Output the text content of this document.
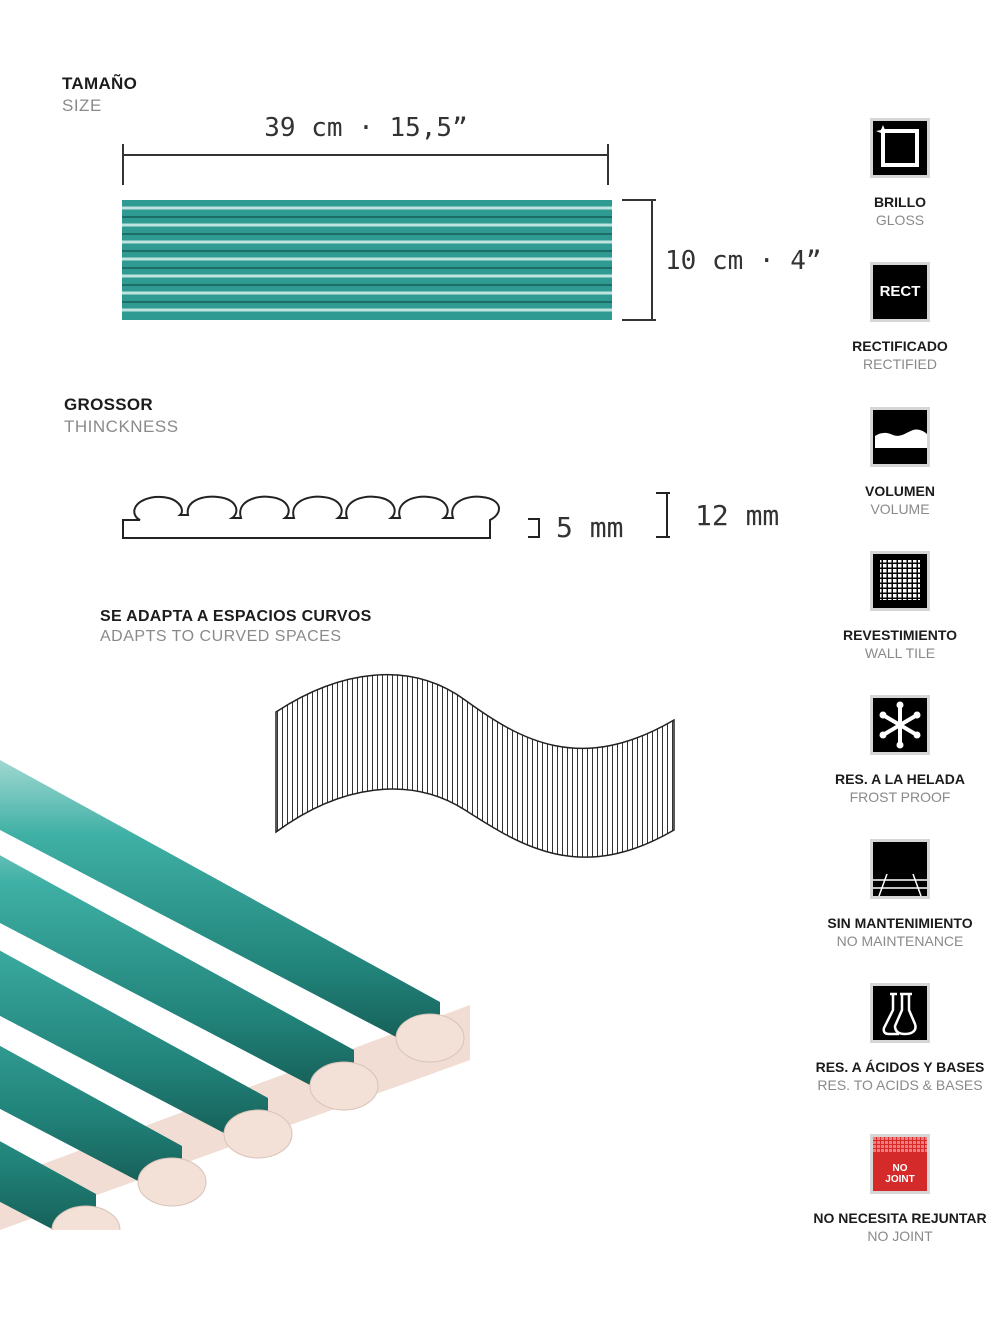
TAMAÑO
SIZE
39 cm · 15,5”
10 cm · 4”
GROSSOR
THINCKNESS
5 mm	12 mm
SE ADAPTA A ESPACIOS CURVOS
ADAPTS TO CURVED SPACES
BRILLO
GLOSS
RECT
RECTIFICADO
RECTIFIED
VOLUMEN
VOLUME
REVESTIMIENTO
WALL TILE
RES. A LA HELADA
FROST PROOF
SIN MANTENIMIENTO
NO MAINTENANCE
RES. A ÁCIDOS Y BASES
RES. TO ACIDS & BASES
NO
JOINT
NO NECESITA REJUNTAR
NO JOINT
